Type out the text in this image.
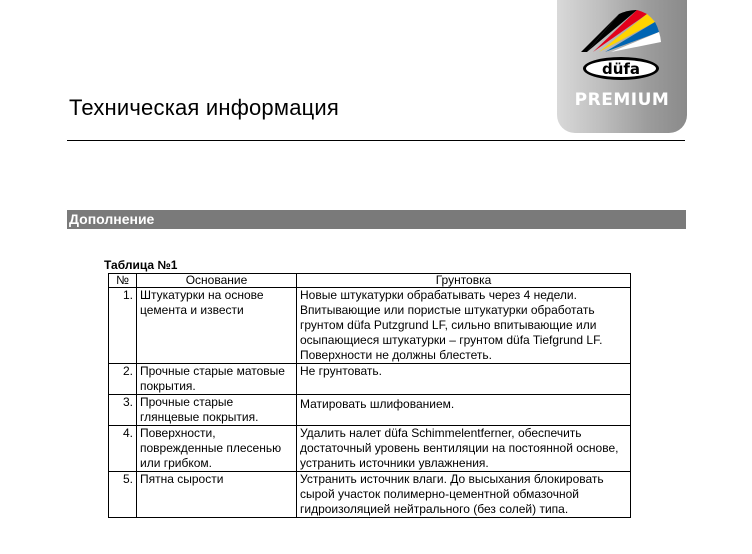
Техническая информация
düfa
PREMIUM
Дополнение
Таблица №1
№	Основание	Грунтовка
1.	Штукатурки на основе цемента и извести	Новые штукатурки обрабатывать через 4 недели. Впитывающие или пористые штукатурки обработать грунтом düfa Putzgrund LF, сильно впитывающие или осыпающиеся штукатурки – грунтом düfa Tiefgrund LF. Поверхности не должны блестеть.
2.	Прочные старые матовые покрытия.	Не грунтовать.
3.	Прочные старые глянцевые покрытия.	Матировать шлифованием.
4.	Поверхности, поврежденные плесенью или грибком.	Удалить налет düfa Schimmelentferner, обеспечить достаточный уровень вентиляции на постоянной основе, устранить источники увлажнения.
5.	Пятна сырости	Устранить источник влаги. До высыхания блокировать сырой участок полимерно-цементной обмазочной гидроизоляцией нейтрального (без солей) типа.
